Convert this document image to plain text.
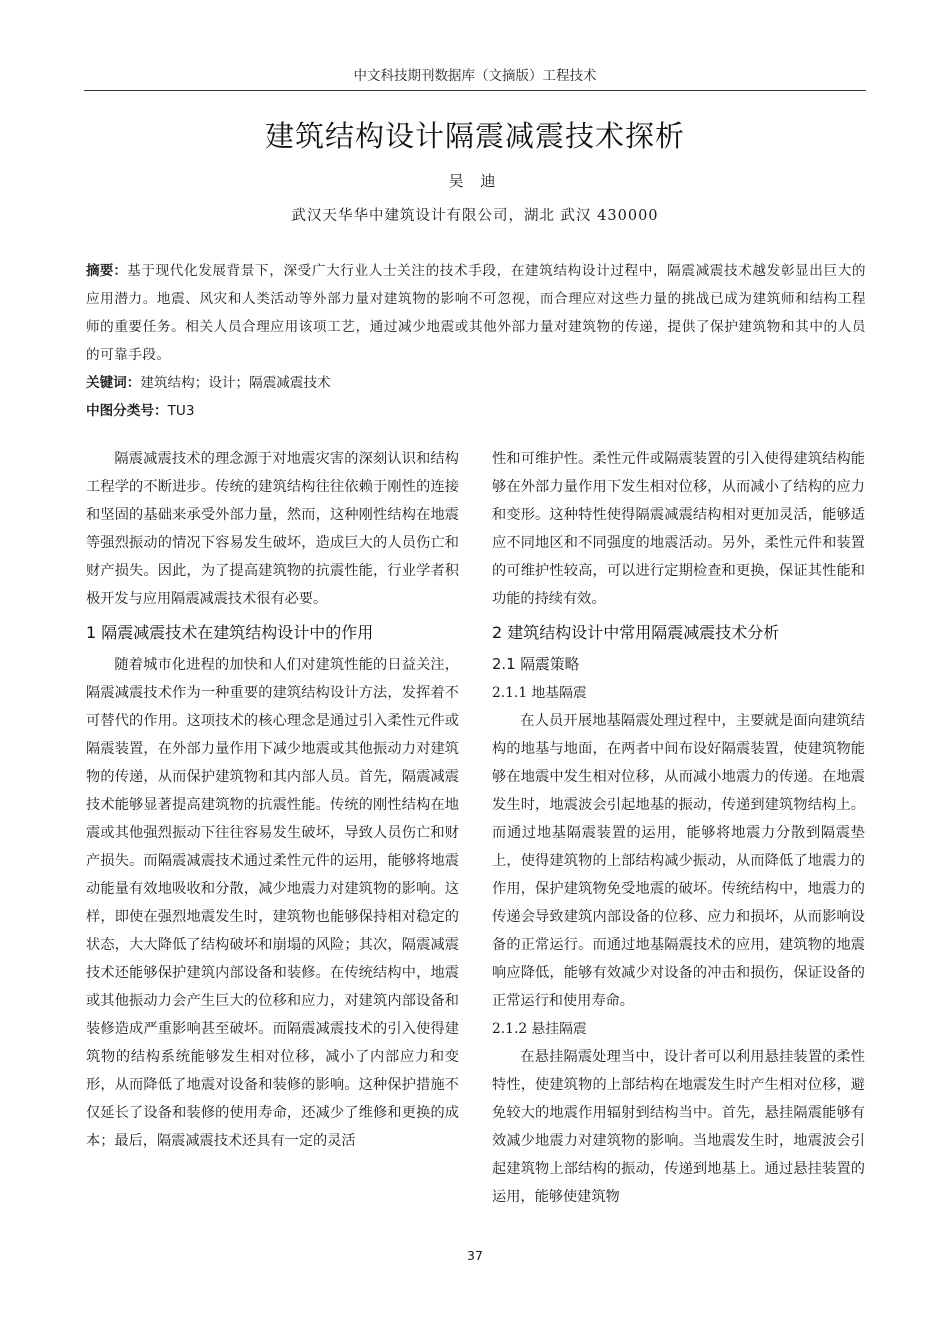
中文科技期刊数据库（文摘版）工程技术
建筑结构设计隔震减震技术探析
吴 迪
武汉天华华中建筑设计有限公司，湖北 武汉 430000

摘要：基于现代化发展背景下，深受广大行业人士关注的技术手段，在建筑结构设计过程中，隔震减震技术越发彰显出巨大的应用潜力。地震、风灾和人类活动等外部力量对建筑物的影响不可忽视，而合理应对这些力量的挑战已成为建筑师和结构工程师的重要任务。相关人员合理应用该项工艺，通过减少地震或其他外部力量对建筑物的传递，提供了保护建筑物和其中的人员的可靠手段。

关键词：建筑结构；设计；隔震减震技术

中图分类号：TU3

隔震减震技术的理念源于对地震灾害的深刻认识和结构工程学的不断进步。传统的建筑结构往往依赖于刚性的连接和坚固的基础来承受外部力量，然而，这种刚性结构在地震等强烈振动的情况下容易发生破坏，造成巨大的人员伤亡和财产损失。因此，为了提高建筑物的抗震性能，行业学者积极开发与应用隔震减震技术很有必要。

1 隔震减震技术在建筑结构设计中的作用

随着城市化进程的加快和人们对建筑性能的日益关注，隔震减震技术作为一种重要的建筑结构设计方法，发挥着不可替代的作用。这项技术的核心理念是通过引入柔性元件或隔震装置，在外部力量作用下减少地震或其他振动力对建筑物的传递，从而保护建筑物和其内部人员。首先，隔震减震技术能够显著提高建筑物的抗震性能。传统的刚性结构在地震或其他强烈振动下往往容易发生破坏，导致人员伤亡和财产损失。而隔震减震技术通过柔性元件的运用，能够将地震动能量有效地吸收和分散，减少地震力对建筑物的影响。这样，即使在强烈地震发生时，建筑物也能够保持相对稳定的状态，大大降低了结构破坏和崩塌的风险；其次，隔震减震技术还能够保护建筑内部设备和装修。在传统结构中，地震或其他振动力会产生巨大的位移和应力，对建筑内部设备和装修造成严重影响甚至破坏。而隔震减震技术的引入使得建筑物的结构系统能够发生相对位移，减小了内部应力和变形，从而降低了地震对设备和装修的影响。这种保护措施不仅延长了设备和装修的使用寿命，还减少了维修和更换的成本；最后，隔震减震技术还具有一定的灵活

性和可维护性。柔性元件或隔震装置的引入使得建筑结构能够在外部力量作用下发生相对位移，从而减小了结构的应力和变形。这种特性使得隔震减震结构相对更加灵活，能够适应不同地区和不同强度的地震活动。另外，柔性元件和装置的可维护性较高，可以进行定期检查和更换，保证其性能和功能的持续有效。

2 建筑结构设计中常用隔震减震技术分析
2.1 隔震策略
2.1.1 地基隔震

在人员开展地基隔震处理过程中，主要就是面向建筑结构的地基与地面，在两者中间布设好隔震装置，使建筑物能够在地震中发生相对位移，从而减小地震力的传递。在地震发生时，地震波会引起地基的振动，传递到建筑物结构上。而通过地基隔震装置的运用，能够将地震力分散到隔震垫上，使得建筑物的上部结构减少振动，从而降低了地震力的作用，保护建筑物免受地震的破坏。传统结构中，地震力的传递会导致建筑内部设备的位移、应力和损坏，从而影响设备的正常运行。而通过地基隔震技术的应用，建筑物的地震响应降低，能够有效减少对设备的冲击和损伤，保证设备的正常运行和使用寿命。

2.1.2 悬挂隔震

在悬挂隔震处理当中，设计者可以利用悬挂装置的柔性特性，使建筑物的上部结构在地震发生时产生相对位移，避免较大的地震作用辐射到结构当中。首先，悬挂隔震能够有效减少地震力对建筑物的影响。当地震发生时，地震波会引起建筑物上部结构的振动，传递到地基上。通过悬挂装置的运用，能够使建筑物

37
